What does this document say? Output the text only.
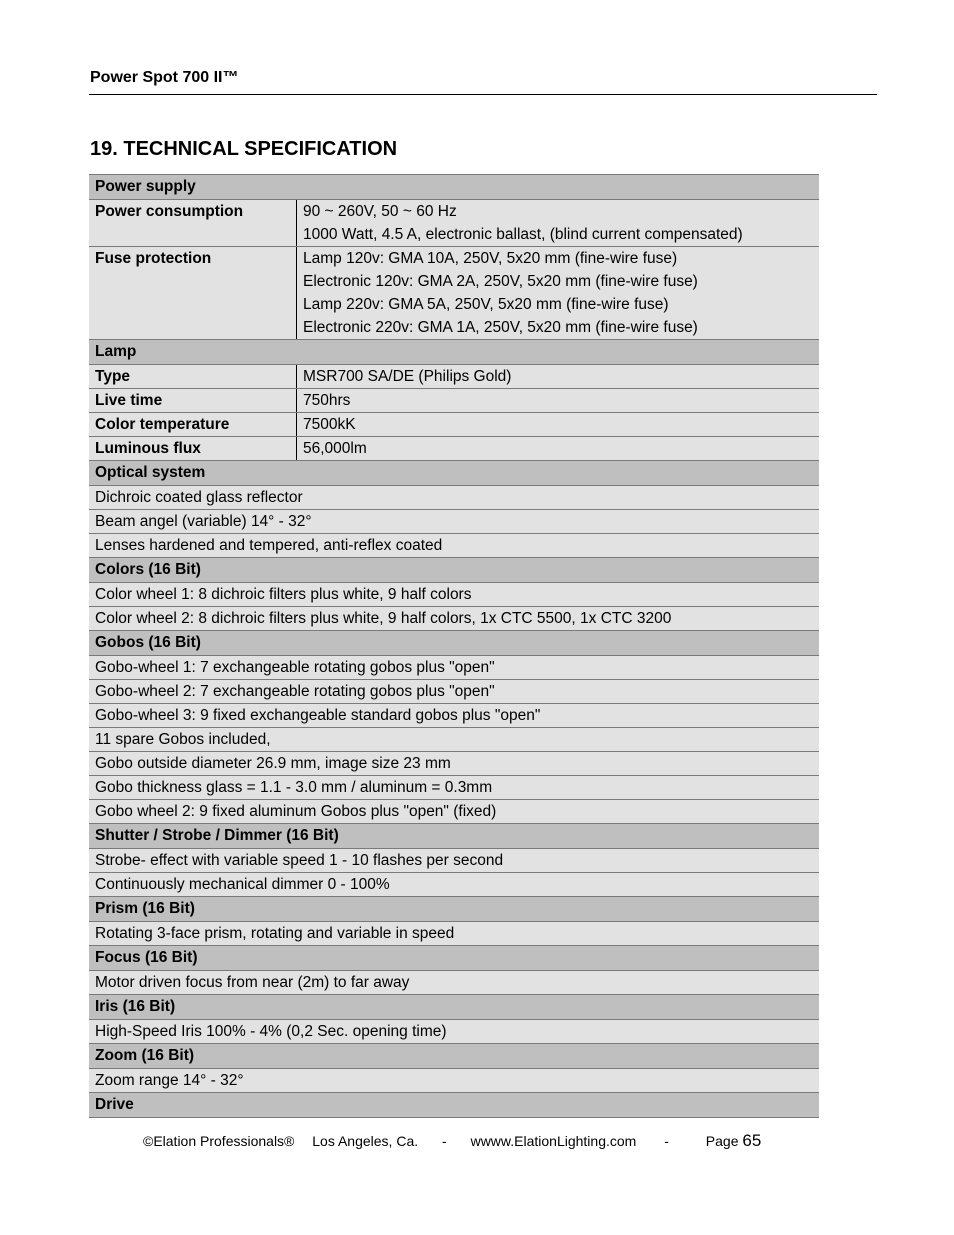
Power Spot 700 II™
19. TECHNICAL SPECIFICATION
Power supply
Power consumption	90 ~ 260V, 50 ~ 60 Hz
1000 Watt, 4.5 A, electronic ballast, (blind current compensated)
Fuse protection	Lamp 120v: GMA 10A, 250V, 5x20 mm (fine-wire fuse)
Electronic 120v: GMA 2A, 250V, 5x20 mm (fine-wire fuse)
Lamp 220v: GMA 5A, 250V, 5x20 mm (fine-wire fuse)
Electronic 220v: GMA 1A, 250V, 5x20 mm (fine-wire fuse)
Lamp
Type	MSR700 SA/DE (Philips Gold)
Live time	750hrs
Color temperature	7500kK
Luminous flux	56,000lm
Optical system
Dichroic coated glass reflector
Beam angel (variable) 14° - 32°
Lenses hardened and tempered, anti-reflex coated
Colors (16 Bit)
Color wheel 1: 8 dichroic filters plus white, 9 half colors
Color wheel 2: 8 dichroic filters plus white, 9 half colors, 1x CTC 5500, 1x CTC 3200
Gobos (16 Bit)
Gobo-wheel 1: 7 exchangeable rotating gobos plus "open"
Gobo-wheel 2: 7 exchangeable rotating gobos plus "open"
Gobo-wheel 3: 9 fixed exchangeable standard gobos plus "open"
11 spare Gobos included,
Gobo outside diameter 26.9 mm, image size 23 mm
Gobo thickness glass = 1.1 - 3.0 mm / aluminum = 0.3mm
Gobo wheel 2: 9 fixed aluminum Gobos plus "open" (fixed)
Shutter / Strobe / Dimmer (16 Bit)
Strobe- effect with variable speed 1 - 10 flashes per second
Continuously mechanical dimmer 0 - 100%
Prism (16 Bit)
Rotating 3-face prism, rotating and variable in speed
Focus (16 Bit)
Motor driven focus from near (2m) to far away
Iris (16 Bit)
High-Speed Iris 100% - 4% (0,2 Sec. opening time)
Zoom (16 Bit)
Zoom range 14° - 32°
Drive
©Elation Professionals® Los Angeles, Ca. - wwww.ElationLighting.com -	Page 65
